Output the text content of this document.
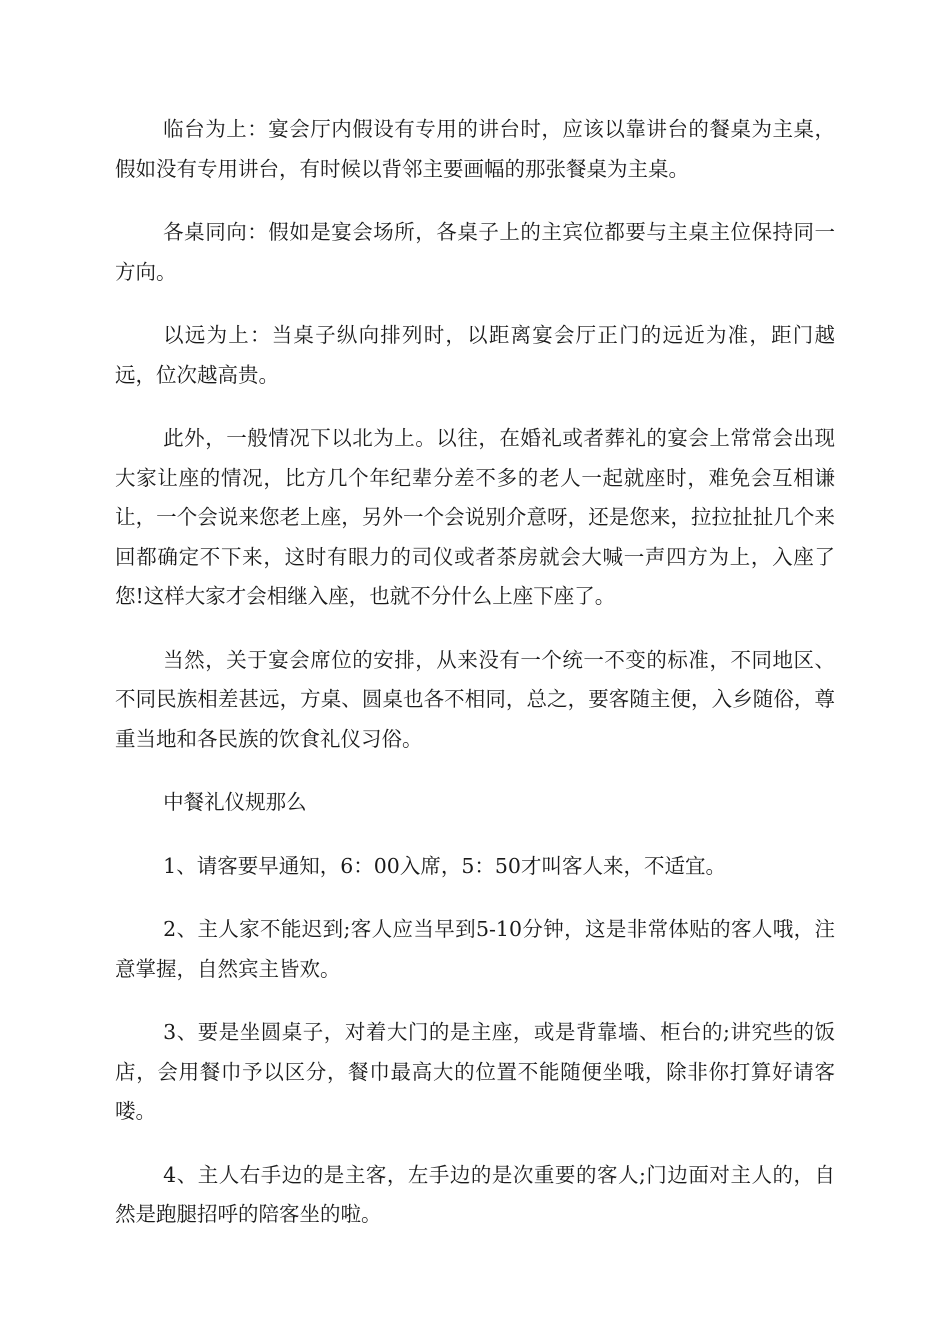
临台为上：宴会厅内假设有专用的讲台时，应该以靠讲台的餐桌为主桌，假如没有专用讲台，有时候以背邻主要画幅的那张餐桌为主桌。

各桌同向：假如是宴会场所，各桌子上的主宾位都要与主桌主位保持同一方向。

以远为上：当桌子纵向排列时，以距离宴会厅正门的远近为准，距门越远，位次越高贵。

此外，一般情况下以北为上。以往，在婚礼或者葬礼的宴会上常常会出现大家让座的情况，比方几个年纪辈分差不多的老人一起就座时，难免会互相谦让，一个会说来您老上座，另外一个会说别介意呀，还是您来，拉拉扯扯几个来回都确定不下来，这时有眼力的司仪或者茶房就会大喊一声四方为上，入座了您!这样大家才会相继入座，也就不分什么上座下座了。

当然，关于宴会席位的安排，从来没有一个统一不变的标准，不同地区、不同民族相差甚远，方桌、圆桌也各不相同，总之，要客随主便，入乡随俗，尊重当地和各民族的饮食礼仪习俗。

中餐礼仪规那么

1、请客要早通知，6：00入席，5：50才叫客人来，不适宜。

2、主人家不能迟到;客人应当早到5-10分钟，这是非常体贴的客人哦，注意掌握，自然宾主皆欢。

3、要是坐圆桌子，对着大门的是主座，或是背靠墙、柜台的;讲究些的饭店，会用餐巾予以区分，餐巾最高大的位置不能随便坐哦，除非你打算好请客喽。

4、主人右手边的是主客，左手边的是次重要的客人;门边面对主人的，自然是跑腿招呼的陪客坐的啦。
